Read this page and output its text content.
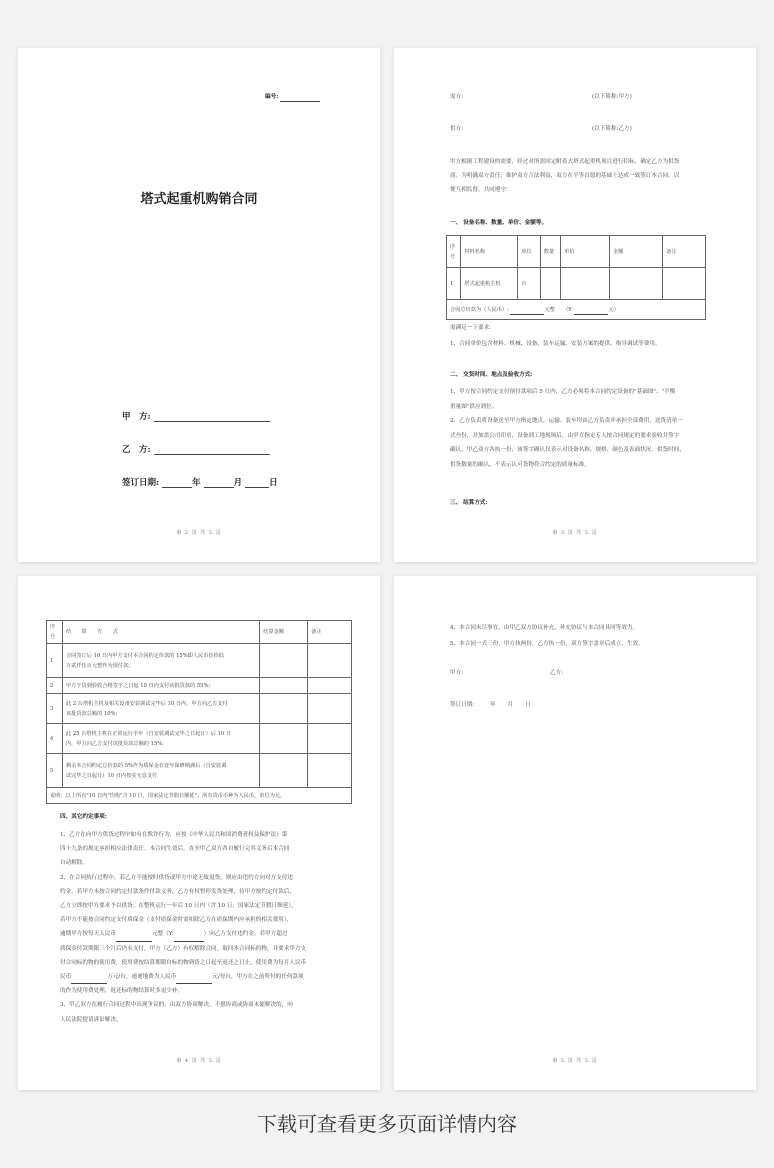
编号:
塔式起重机购销合同
甲　方:
乙　方:
签订日期:	年	月	日
第 2 页 共 5 页
需方:	(以下简称:甲方)
供方:	(以下简称:乙方)
甲方根据工程建设的需要，经过对所需回定附着式塔式起重机项目进行招标，确定乙方为供货
商。为明确双方责任，维护双方合法利益，双方在平等自愿的基础上达成一致签订本合同，以
便互相监督、共同遵守:
一、 设备名称、数量、单价、金额等。
序号	材料名称	单位	数量	单价	金额	备注
1	塔式起重机主机	台				
合同总价款为（人民币）: 元整 （Y: 元）						
需满足一下要求:
1、合同单价包含材料、机械、设备、装车运输、安装方案的提供、指导调试等费用。
二、 交货时间、地点及验收方式:
1、甲方按合同约定支付预付款项后 5 日内，乙方必须将本合同约定设备的"基础图"、"平衡
重量图"供应到位。
2、乙方负责将设备送至甲方指定地点，运输、装车均由乙方负责并承担全部费用，送货清单一
式叁份，并加盖公司印章，设备到工地现场后，由甲方指定专人按合同规定的要求验收并签字
确认，甲乙双方各执一份，该签字确认仅表示对设备名称、规格、颜色及表面状况、供货时间、
供货数量的确认，不表示认可货物符合约定的质量标准。
三、 结算方式:
第 3 页 共 5 页
序号	结　　算　　方　　式	结算金额	备注
1	合同签订后 10 日内甲方支付本合同约定价款的 15%即人民币伍拾陆
万贰仟伍百元整作为预付款;		

2	甲方于货到验收合格签字之日起 10 日内支付该批货款的 55%;		

3	此 2 台塔机主机及相关设备安装调试完毕后 10 日内，甲方向乙方支付
该批货款总额的 10%;		

4	此 25 台塔机主机在正常运行半年（自安装调试完毕之日起计）后 10 日
内，甲方向乙方支付该批货款总额的 15%;		

5	剩余本合同约定总价款的 5%作为质保金在壹年保修期满后（自安装调
试完毕之日起计）10 日内按实无息支付		

说明：以上所有"10 日内"均指"含 10 日，国家法定节假日顺延"；所有货币币种为人民币，单位为元。			
四、其它约定事项:
1、乙方在向甲方供货过程中如有在欺诈行为，应按《中华人民共和国消费者权益保护法》第
四十九条的规定承担相应法律责任。本合同生效后，直至甲乙双方各自履行完其义务后本合同
自动解除。
2、在合同执行过程中，若乙方不能按时供货或甲方中途无故退货，则应由违约方向对方支付违
约金。若甲方未按合同约定付款条件付款义务，乙方有权暂停发货处理，待甲方按约定付款后，
乙方立即按甲方要求予以供货；在整机运行一年后 10 日内（含 10 日，国家法定节假日顺延），
若甲方不能按合同约定支付质保金（支付质保金时需扣除乙方在质保期内应承担的相关费用），
逾期甲方按每天人民币	元整（Y:	）向乙方支付违约金，若甲方超过
质保金付款期限三个月后仍未支付，甲方（乙方）有权解除合同。取回本合同标的物，并要求甲方支
付合同标的物的使用费，使用费按结算期限自标的物到货之日起至返还之日止，使用费为每月人民币
民币	万元/台，递递地费为人民币	元/每台，甲方在之前所付的任何款项
的作为使用费处理，返还标的物结算时多退少补。
3、甲乙双方在履行合同过程中出现争议的，由双方协商解决，不愿协商或协商未能解决的，向
人民法院提请诉讼解决。
第 4 页 共 5 页
4、本合同未尽事宜，由甲乙双方协议补充，补充协议与本合同具同等效力。
5、本合同一式三份，甲方执两份，乙方执一份，双方签字盖章后成立、生效。
甲方:	乙方:
签订日期:	年 月 日
第 5 页 共 5 页
下载可查看更多页面详情内容
